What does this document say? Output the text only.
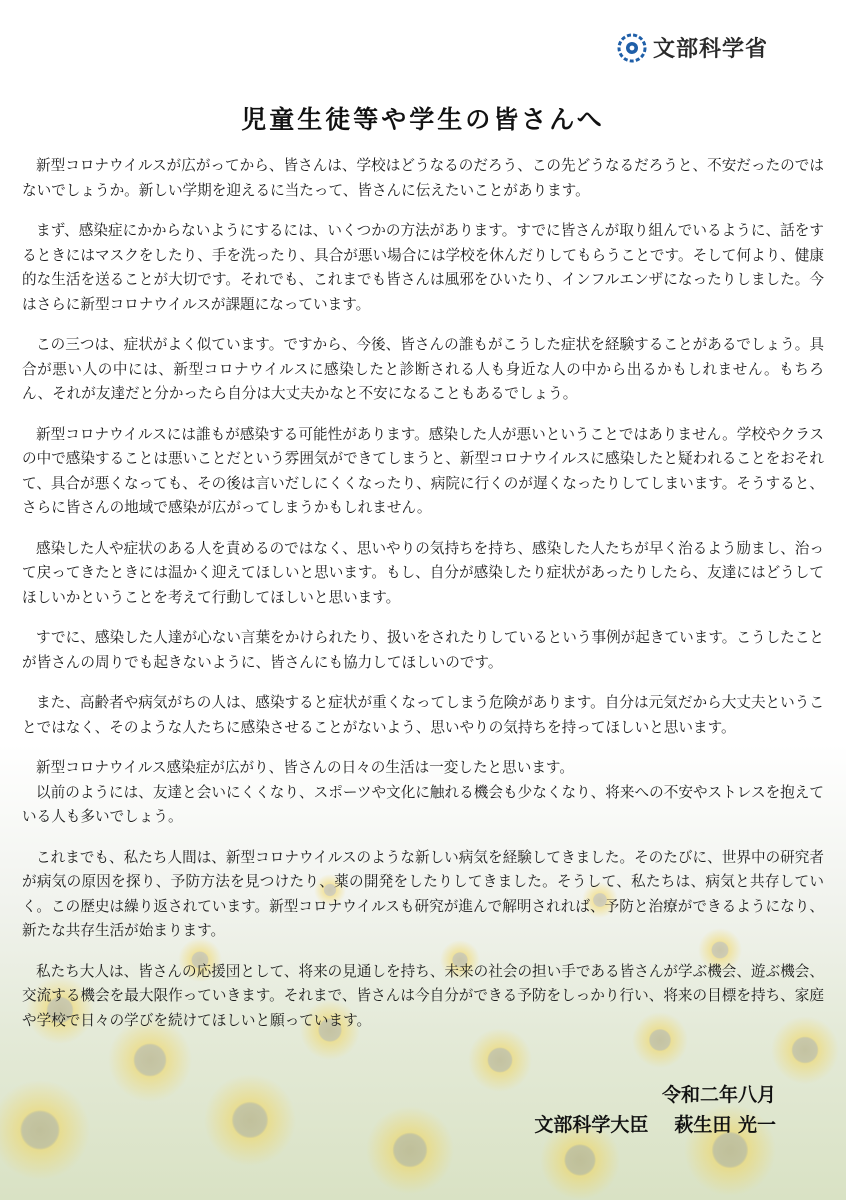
文部科学省
児童生徒等や学生の皆さんへ

新型コロナウイルスが広がってから、皆さんは、学校はどうなるのだろう、この先どうなるだろうと、不安だったのではないでしょうか。新しい学期を迎えるに当たって、皆さんに伝えたいことがあります。

まず、感染症にかからないようにするには、いくつかの方法があります。すでに皆さんが取り組んでいるように、話をするときにはマスクをしたり、手を洗ったり、具合が悪い場合には学校を休んだりしてもらうことです。そして何より、健康的な生活を送ることが大切です。それでも、これまでも皆さんは風邪をひいたり、インフルエンザになったりしました。今はさらに新型コロナウイルスが課題になっています。

この三つは、症状がよく似ています。ですから、今後、皆さんの誰もがこうした症状を経験することがあるでしょう。具合が悪い人の中には、新型コロナウイルスに感染したと診断される人も身近な人の中から出るかもしれません。もちろん、それが友達だと分かったら自分は大丈夫かなと不安になることもあるでしょう。

新型コロナウイルスには誰もが感染する可能性があります。感染した人が悪いということではありません。学校やクラスの中で感染することは悪いことだという雰囲気ができてしまうと、新型コロナウイルスに感染したと疑われることをおそれて、具合が悪くなっても、その後は言いだしにくくなったり、病院に行くのが遅くなったりしてしまいます。そうすると、さらに皆さんの地域で感染が広がってしまうかもしれません。

感染した人や症状のある人を責めるのではなく、思いやりの気持ちを持ち、感染した人たちが早く治るよう励まし、治って戻ってきたときには温かく迎えてほしいと思います。もし、自分が感染したり症状があったりしたら、友達にはどうしてほしいかということを考えて行動してほしいと思います。

すでに、感染した人達が心ない言葉をかけられたり、扱いをされたりしているという事例が起きています。こうしたことが皆さんの周りでも起きないように、皆さんにも協力してほしいのです。

また、高齢者や病気がちの人は、感染すると症状が重くなってしまう危険があります。自分は元気だから大丈夫ということではなく、そのような人たちに感染させることがないよう、思いやりの気持ちを持ってほしいと思います。

新型コロナウイルス感染症が広がり、皆さんの日々の生活は一変したと思います。

以前のようには、友達と会いにくくなり、スポーツや文化に触れる機会も少なくなり、将来への不安やストレスを抱えている人も多いでしょう。

これまでも、私たち人間は、新型コロナウイルスのような新しい病気を経験してきました。そのたびに、世界中の研究者が病気の原因を探り、予防方法を見つけたり、薬の開発をしたりしてきました。そうして、私たちは、病気と共存していく。この歴史は繰り返されています。新型コロナウイルスも研究が進んで解明されれば、予防と治療ができるようになり、新たな共存生活が始まります。

私たち大人は、皆さんの応援団として、将来の見通しを持ち、未来の社会の担い手である皆さんが学ぶ機会、遊ぶ機会、交流する機会を最大限作っていきます。それまで、皆さんは今自分ができる予防をしっかり行い、将来の目標を持ち、家庭や学校で日々の学びを続けてほしいと願っています。

令和二年八月
文部科学大臣 萩生田 光一
